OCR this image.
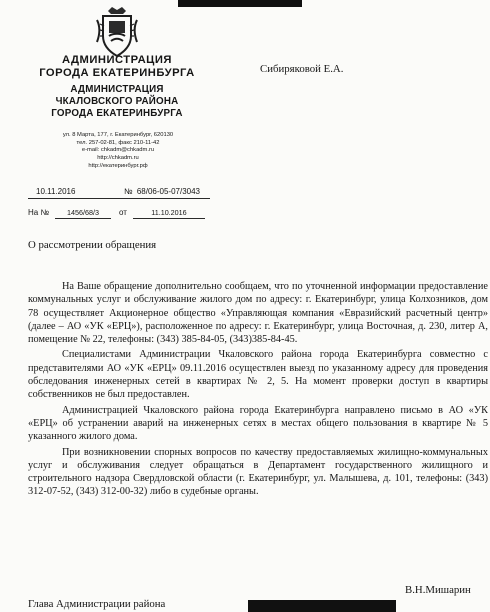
АДМИНИСТРАЦИЯ
ГОРОДА ЕКАТЕРИНБУРГА
АДМИНИСТРАЦИЯ
ЧКАЛОВСКОГО РАЙОНА
ГОРОДА ЕКАТЕРИНБУРГА
ул. 8 Марта, 177, г. Екатеринбург, 620130
тел. 257-02-81, факс 210-11-42
e-mail: chkadm@chkadm.ru
http://chkadm.ru
http://екатеринбург.рф
Сибиряковой Е.А.
10.11.2016	№ 68/06-05-07/3043
На №	1456/68/3	от	11.10.2016
О рассмотрении обращения

На Ваше обращение дополнительно сообщаем, что по уточненной информации предоставление коммунальных услуг и обслуживание жилого дом по адресу: г. Екатеринбург, улица Колхозников, дом 78 осуществляет Акционерное общество «Управляющая компания «Евразийский расчетный центр» (далее – АО «УК «ЕРЦ»), расположенное по адресу: г. Екатеринбург, улица Восточная, д. 230, литер А, помещение № 22, телефоны: (343) 385-84-05, (343)385-84-45.

Специалистами Администрации Чкаловского района города Екатеринбурга совместно с представителями АО «УК «ЕРЦ» 09.11.2016 осуществлен выезд по указанному адресу для проведения обследования инженерных сетей в квартирах № 2, 5. На момент проверки доступ в квартиры собственников не был предоставлен.

Администрацией Чкаловского района города Екатеринбурга направлено письмо в АО «УК «ЕРЦ» об устранении аварий на инженерных сетях в местах общего пользования в квартире № 5 указанного жилого дома.

При возникновении спорных вопросов по качеству предоставляемых жилищно-коммунальных услуг и обслуживания следует обращаться в Департамент государственного жилищного и строительного надзора Свердловской области (г. Екатеринбург, ул. Малышева, д. 101, телефоны: (343) 312-07-52, (343) 312-00-32) либо в судебные органы.

Глава Администрации района
В.Н.Мишарин
